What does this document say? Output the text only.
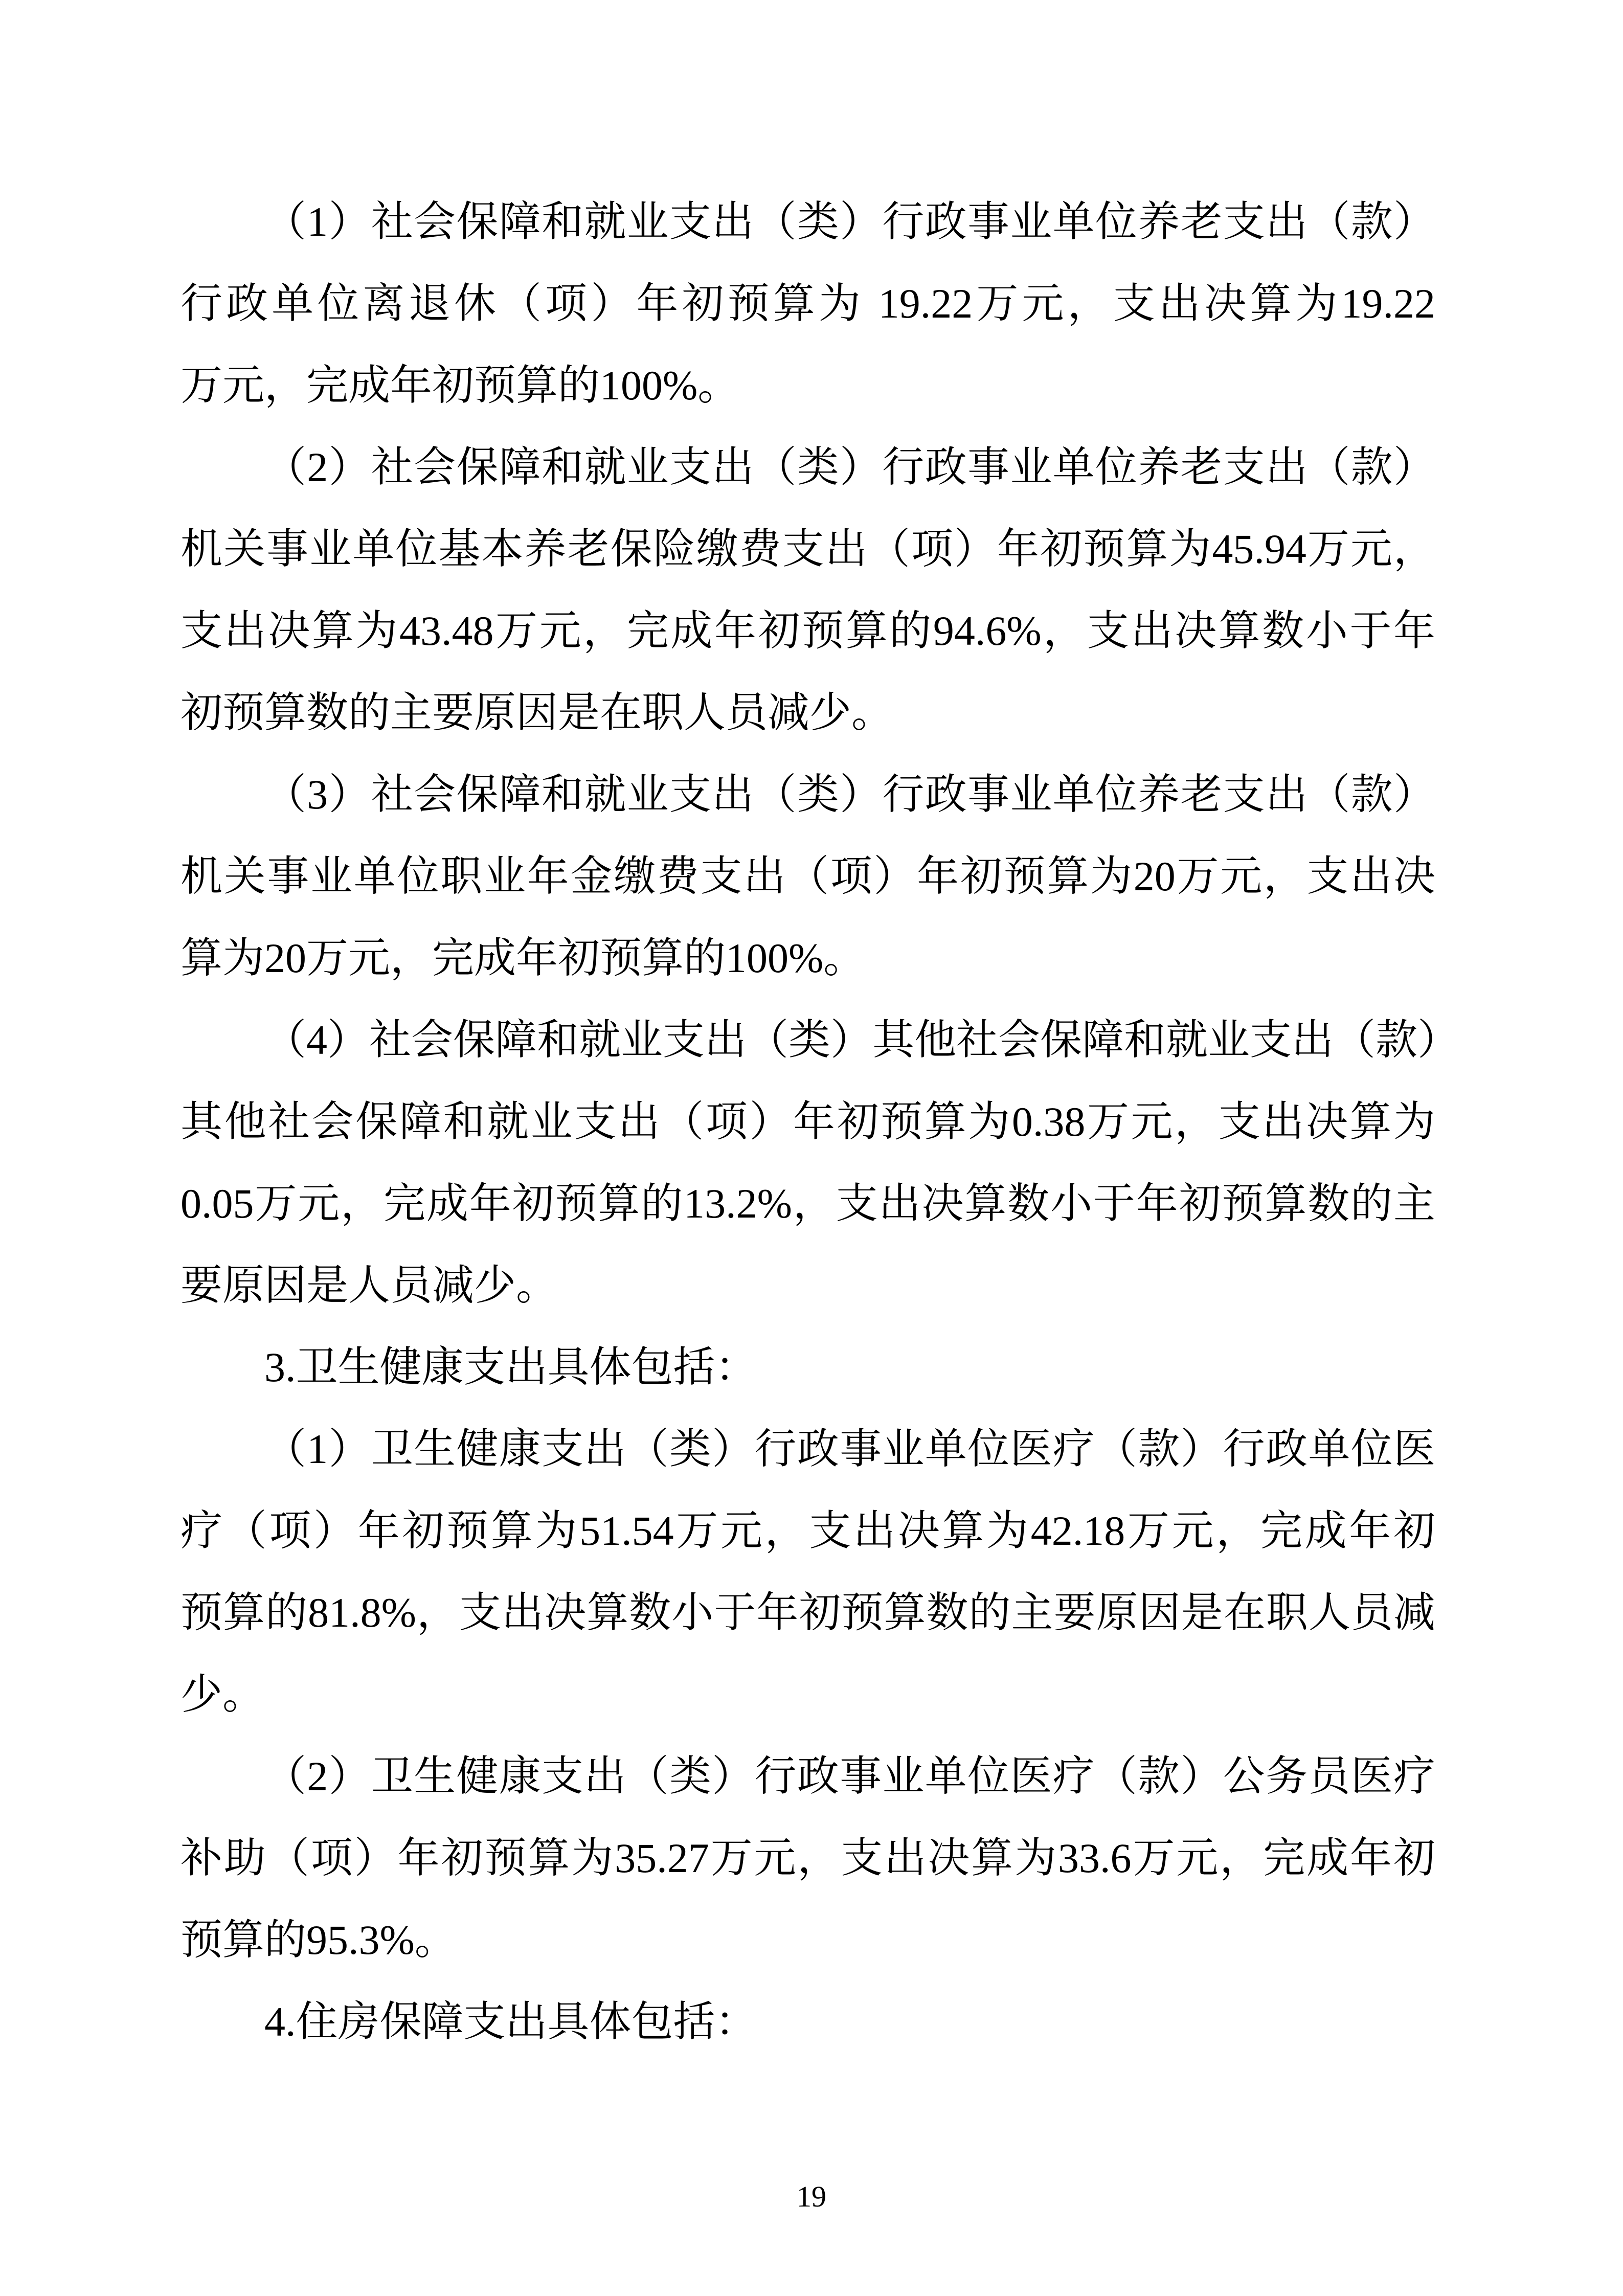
（1）社会保障和就业支出（类）行政事业单位养老支出（款）
行政单位离退休（项）年初预算为 19.22万元，支出决算为19.22
万元，完成年初预算的100%。
（2）社会保障和就业支出（类）行政事业单位养老支出（款）
机关事业单位基本养老保险缴费支出（项）年初预算为45.94万元，
支出决算为43.48万元，完成年初预算的94.6%，支出决算数小于年
初预算数的主要原因是在职人员减少。
（3）社会保障和就业支出（类）行政事业单位养老支出（款）
机关事业单位职业年金缴费支出（项）年初预算为20万元，支出决
算为20万元，完成年初预算的100%。
（4）社会保障和就业支出（类）其他社会保障和就业支出（款）
其他社会保障和就业支出（项）年初预算为0.38万元，支出决算为
0.05万元，完成年初预算的13.2%，支出决算数小于年初预算数的主
要原因是人员减少。
3.卫生健康支出具体包括：
（1）卫生健康支出（类）行政事业单位医疗（款）行政单位医
疗（项）年初预算为51.54万元，支出决算为42.18万元，完成年初
预算的81.8%，支出决算数小于年初预算数的主要原因是在职人员减
少。
（2）卫生健康支出（类）行政事业单位医疗（款）公务员医疗
补助（项）年初预算为35.27万元，支出决算为33.6万元，完成年初
预算的95.3%。
4.住房保障支出具体包括：
19
